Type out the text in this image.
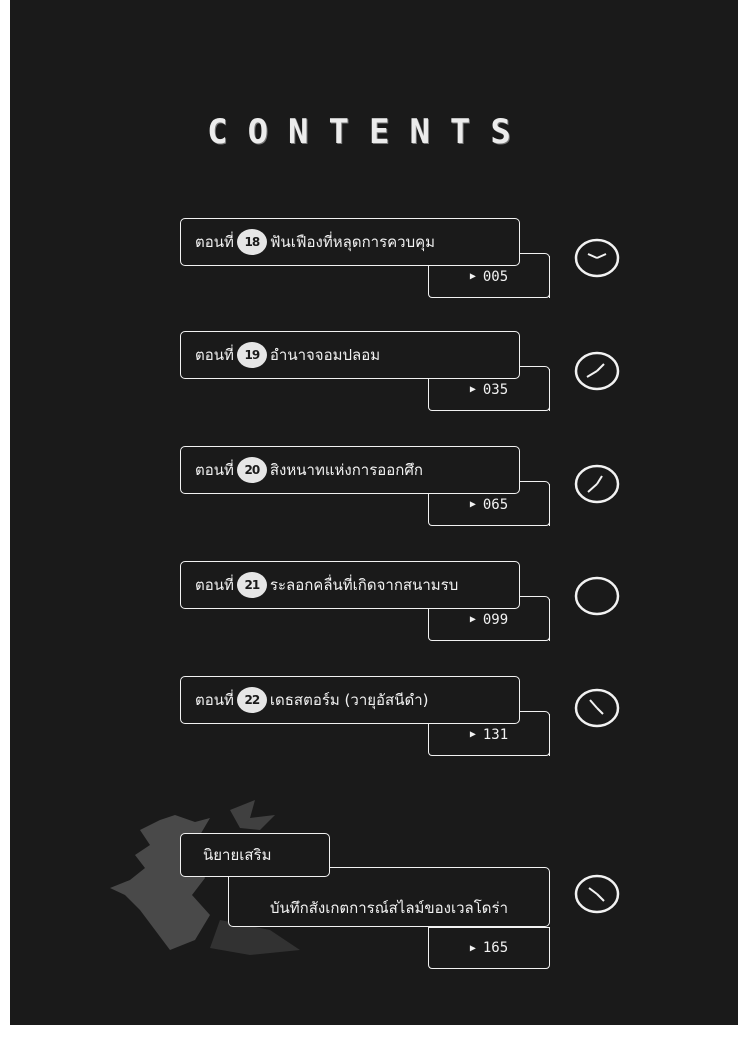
CONTENTS
▶ 005
ตอนที่ 18 ฟันเฟืองที่หลุดการควบคุม
▶ 035
ตอนที่ 19 อำนาจจอมปลอม
▶ 065
ตอนที่ 20 สิงหนาทแห่งการออกศึก
▶ 099
ตอนที่ 21 ระลอกคลื่นที่เกิดจากสนามรบ
▶ 131
ตอนที่ 22 เดธสตอร์ม (วายุอัสนีดำ)
บันทึกสังเกตการณ์สไลม์ของเวลโดร่า
นิยายเสริม
▶ 165
